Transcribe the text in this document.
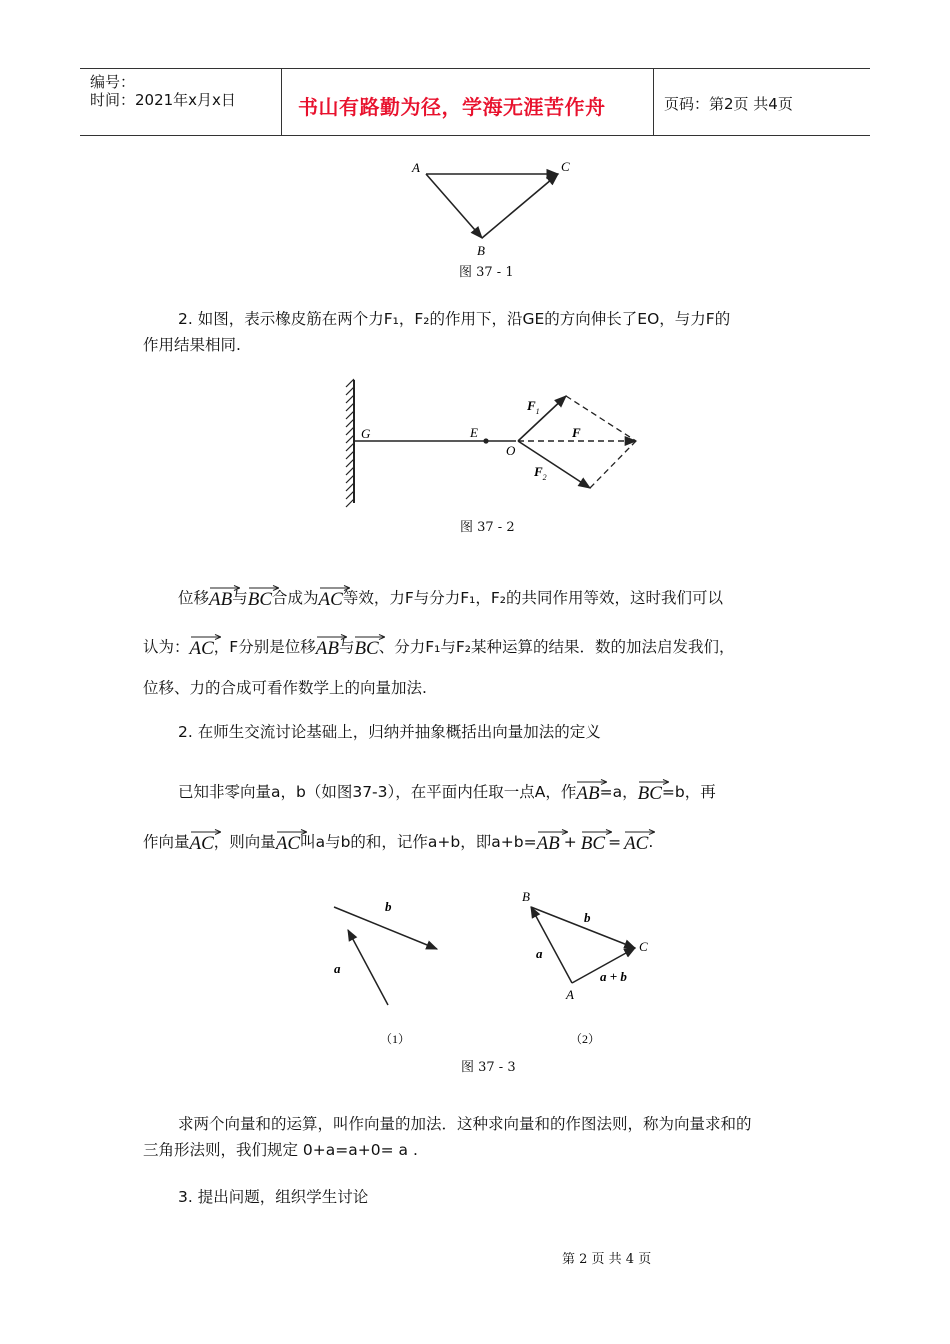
编号：
时间：2021年x月x日	书山有路勤为径，学海无涯苦作舟	页码：第2页 共4页
A	C
B
图 37 - 1
2. 如图，表示橡皮筋在两个力F₁，F₂的作用下，沿GE的方向伸长了EO，与力F的
作用结果相同.
G	E
O
F
$F_1$
$F_2$
图 37 - 2
位移
AB与
BC合成为
AC等效，力F与分力F₁，F₂的共同作用等效，这时我们可以
认为：
AC，F分别是位移
AB与
BC、分力F₁与F₂某种运算的结果．数的加法启发我们，
位移、力的合成可看作数学上的向量加法.
2. 在师生交流讨论基础上，归纳并抽象概括出向量加法的定义
已知非零向量a，b（如图37-3），在平面内任取一点A，作
AB=a，
BC=b，再
作向量
AC，则向量
AC叫a与b的和，记作a+b，即a+b=
AB + BC = AC.
b
a
B
C
A
a
b
a + b
（1）	（2）
图 37 - 3
求两个向量和的运算，叫作向量的加法．这种求向量和的作图法则，称为向量求和的
三角形法则，我们规定 0+a=a+0= a .
3. 提出问题，组织学生讨论
第 2 页 共 4 页
